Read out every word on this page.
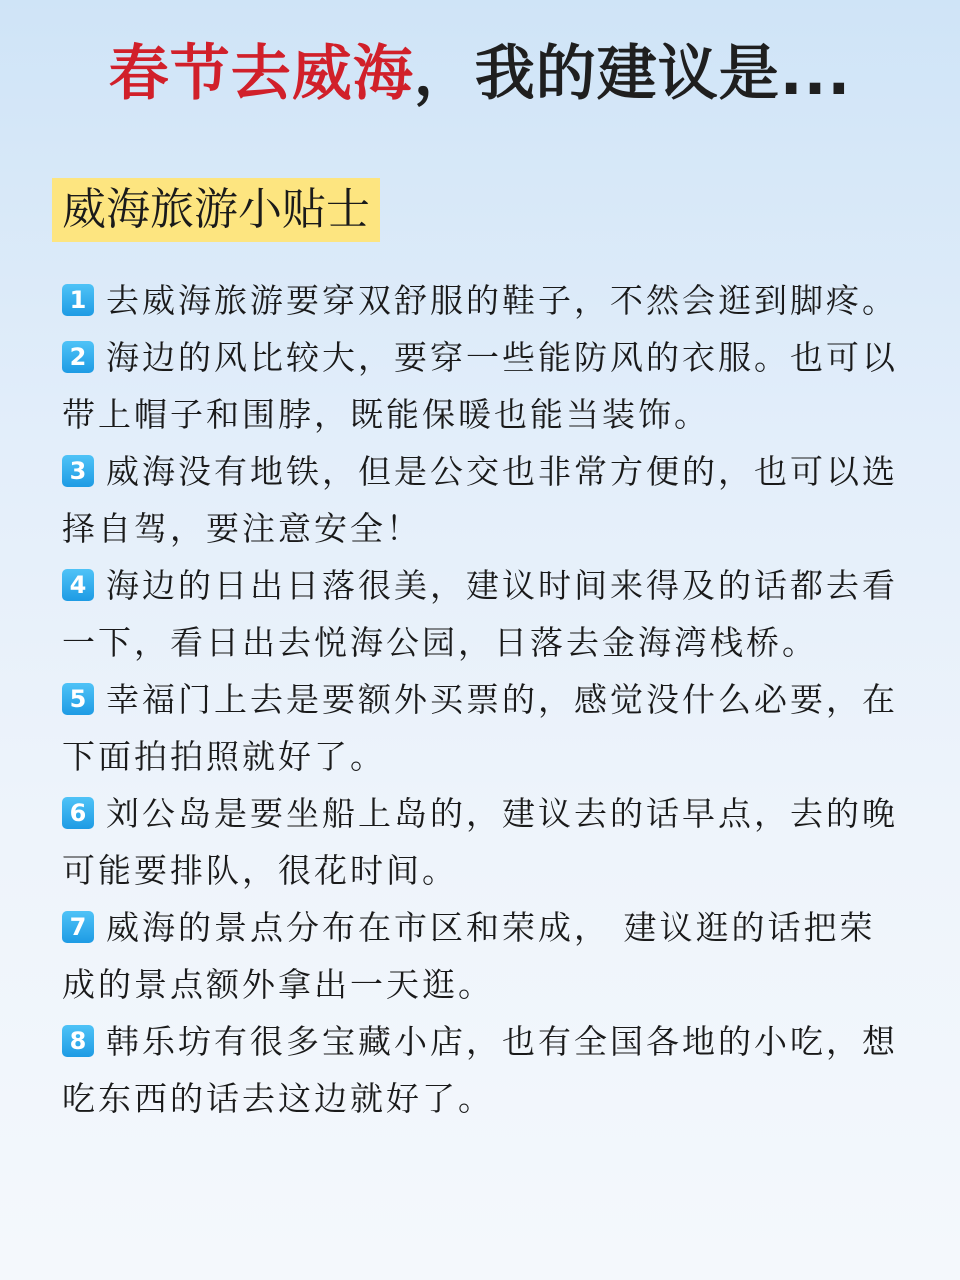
春节去威海，我的建议是...
威海旅游小贴士
1 去威海旅游要穿双舒服的鞋子，不然会逛到脚疼。
2 海边的风比较大，要穿一些能防风的衣服。也可以带上帽子和围脖，既能保暖也能当装饰。
3 威海没有地铁，但是公交也非常方便的，也可以选择自驾，要注意安全！
4 海边的日出日落很美，建议时间来得及的话都去看一下，看日出去悦海公园，日落去金海湾栈桥。
5 幸福门上去是要额外买票的，感觉没什么必要，在下面拍拍照就好了。
6 刘公岛是要坐船上岛的，建议去的话早点，去的晚可能要排队，很花时间。
7 威海的景点分布在市区和荣成， 建议逛的话把荣成的景点额外拿出一天逛。
8 韩乐坊有很多宝藏小店，也有全国各地的小吃，想吃东西的话去这边就好了。
